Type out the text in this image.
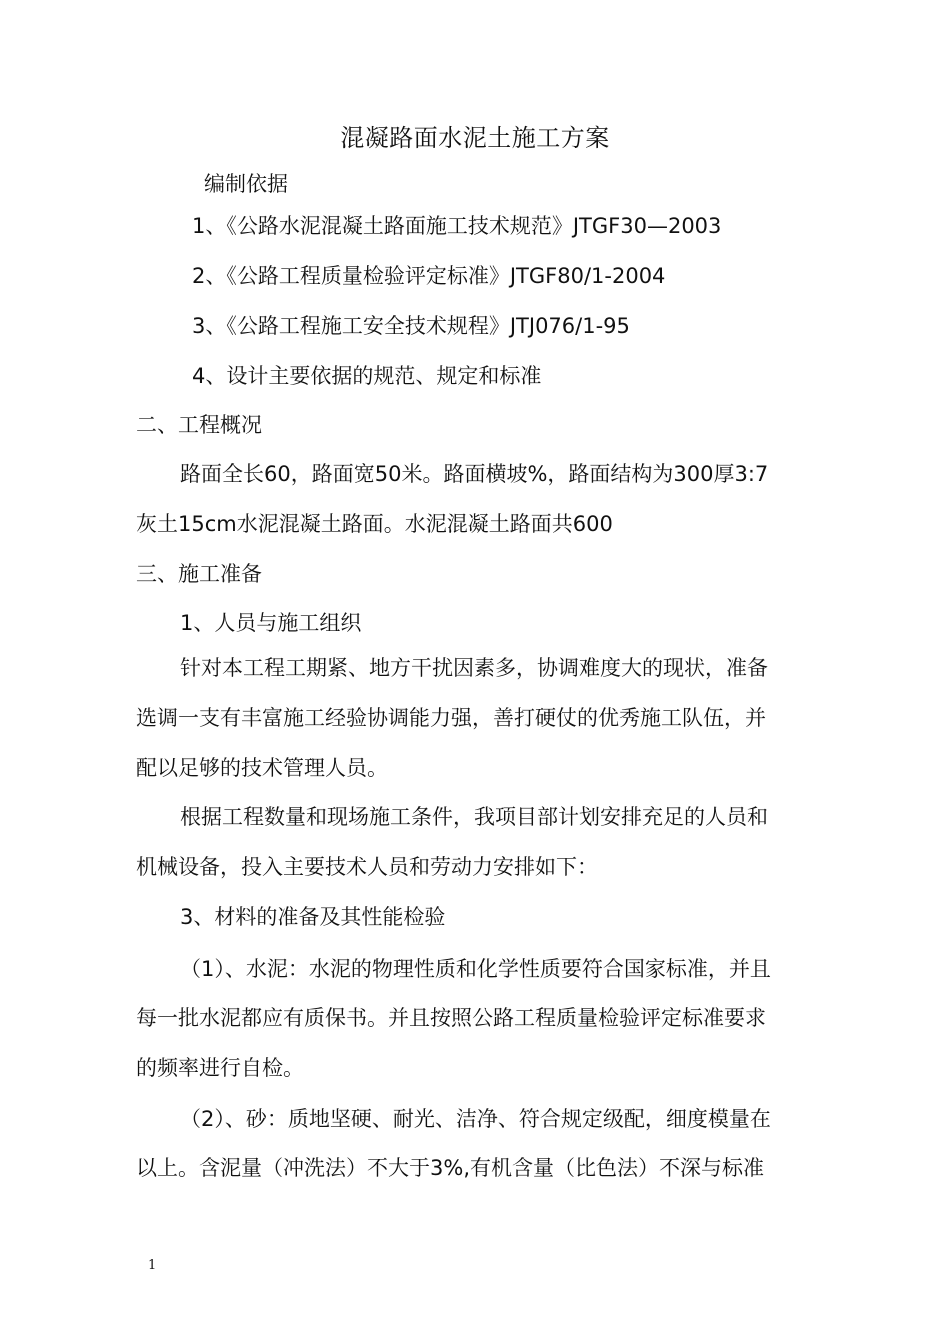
混凝路面水泥土施工方案
编制依据
1、《公路水泥混凝土路面施工技术规范》JTGF30—2003
2、《公路工程质量检验评定标准》JTGF80/1-2004
3、《公路工程施工安全技术规程》JTJ076/1-95
4、设计主要依据的规范、规定和标准
二、工程概况
路面全长60，路面宽50米。路面横坡%，路面结构为300厚3:7
灰土15cm水泥混凝土路面。水泥混凝土路面共600
三、施工准备
1、人员与施工组织
针对本工程工期紧、地方干扰因素多，协调难度大的现状，准备
选调一支有丰富施工经验协调能力强，善打硬仗的优秀施工队伍，并
配以足够的技术管理人员。
根据工程数量和现场施工条件，我项目部计划安排充足的人员和
机械设备，投入主要技术人员和劳动力安排如下：
3、材料的准备及其性能检验
（1）、水泥：水泥的物理性质和化学性质要符合国家标准，并且
每一批水泥都应有质保书。并且按照公路工程质量检验评定标准要求
的频率进行自检。
（2）、砂：质地坚硬、耐光、洁净、符合规定级配，细度模量在
以上。含泥量（冲洗法）不大于3%,有机含量（比色法）不深与标准
1
